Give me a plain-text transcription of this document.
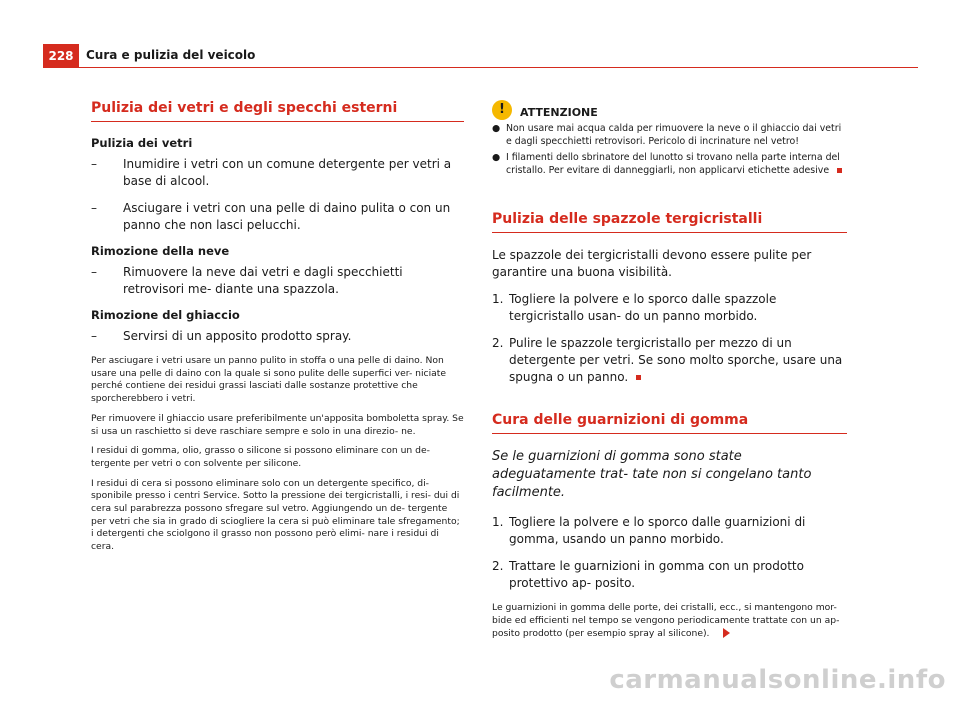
228	Cura e pulizia del veicolo
Pulizia dei vetri e degli specchi esterni
Pulizia dei vetri
– Inumidire i vetri con un comune detergente per vetri a base di alcool.
– Asciugare i vetri con una pelle di daino pulita o con un panno che non lasci pelucchi.
Rimozione della neve
– Rimuovere la neve dai vetri e dagli specchietti retrovisori me- diante una spazzola.
Rimozione del ghiaccio
– Servirsi di un apposito prodotto spray.
Per asciugare i vetri usare un panno pulito in stoffa o una pelle di daino. Non usare una pelle di daino con la quale si sono pulite delle superfici ver- niciate perché contiene dei residui grassi lasciati dalle sostanze protettive che sporcherebbero i vetri.
Per rimuovere il ghiaccio usare preferibilmente un'apposita bomboletta spray. Se si usa un raschietto si deve raschiare sempre e solo in una direzio- ne.
I residui di gomma, olio, grasso o silicone si possono eliminare con un de- tergente per vetri o con solvente per silicone.
I residui di cera si possono eliminare solo con un detergente specifico, di- sponibile presso i centri Service. Sotto la pressione dei tergicristalli, i resi- dui di cera sul parabrezza possono sfregare sul vetro. Aggiungendo un de- tergente per vetri che sia in grado di sciogliere la cera si può eliminare tale sfregamento; i detergenti che sciolgono il grasso non possono però elimi- nare i residui di cera.
!
ATTENZIONE
● Non usare mai acqua calda per rimuovere la neve o il ghiaccio dai vetri e dagli specchietti retrovisori. Pericolo di incrinature nel vetro!
● I filamenti dello sbrinatore del lunotto si trovano nella parte interna del cristallo. Per evitare di danneggiarli, non applicarvi etichette adesive
Pulizia delle spazzole tergicristalli
Le spazzole dei tergicristalli devono essere pulite per garantire una buona visibilità.
1. Togliere la polvere e lo sporco dalle spazzole tergicristallo usan- do un panno morbido.
2. Pulire le spazzole tergicristallo per mezzo di un detergente per vetri. Se sono molto sporche, usare una spugna o un panno.
Cura delle guarnizioni di gomma
Se le guarnizioni di gomma sono state adeguatamente trat- tate non si congelano tanto facilmente.
1. Togliere la polvere e lo sporco dalle guarnizioni di gomma, usando un panno morbido.
2. Trattare le guarnizioni in gomma con un prodotto protettivo ap- posito.
Le guarnizioni in gomma delle porte, dei cristalli, ecc., si mantengono mor- bide ed efficienti nel tempo se vengono periodicamente trattate con un ap- posito prodotto (per esempio spray al silicone).
carmanualsonline.info
